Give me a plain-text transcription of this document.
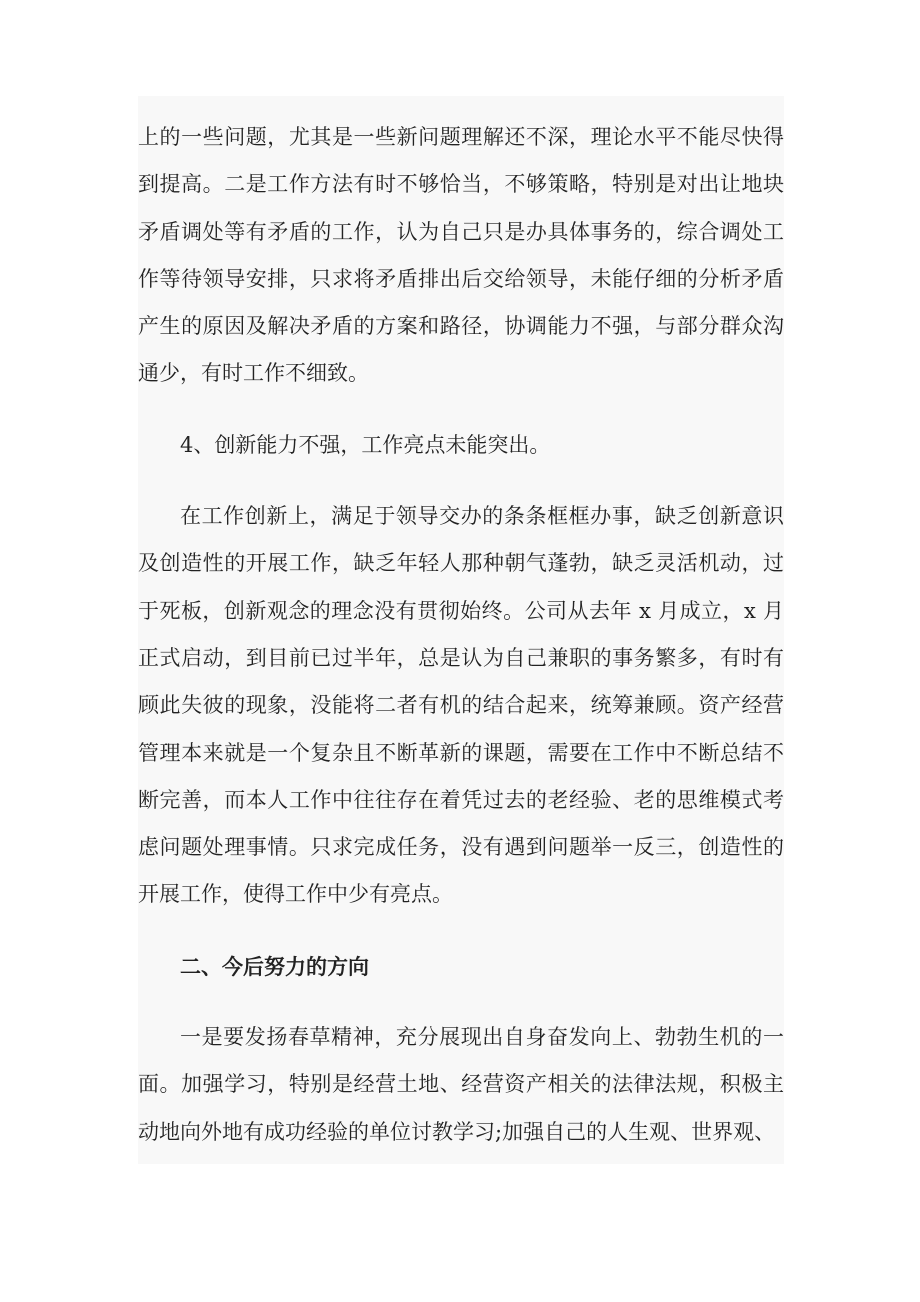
上的一些问题，尤其是一些新问题理解还不深，理论水平不能尽快得到提高。二是工作方法有时不够恰当，不够策略，特别是对出让地块矛盾调处等有矛盾的工作，认为自己只是办具体事务的，综合调处工作等待领导安排，只求将矛盾排出后交给领导，未能仔细的分析矛盾产生的原因及解决矛盾的方案和路径，协调能力不强，与部分群众沟通少，有时工作不细致。

4、创新能力不强，工作亮点未能突出。

在工作创新上，满足于领导交办的条条框框办事，缺乏创新意识及创造性的开展工作，缺乏年轻人那种朝气蓬勃，缺乏灵活机动，过于死板，创新观念的理念没有贯彻始终。公司从去年 x 月成立，x 月正式启动，到目前已过半年，总是认为自己兼职的事务繁多，有时有顾此失彼的现象，没能将二者有机的结合起来，统筹兼顾。资产经营管理本来就是一个复杂且不断革新的课题，需要在工作中不断总结不断完善，而本人工作中往往存在着凭过去的老经验、老的思维模式考虑问题处理事情。只求完成任务，没有遇到问题举一反三，创造性的开展工作，使得工作中少有亮点。

二、今后努力的方向

一是要发扬春草精神，充分展现出自身奋发向上、勃勃生机的一面。加强学习，特别是经营土地、经营资产相关的法律法规，积极主动地向外地有成功经验的单位讨教学习;加强自己的人生观、世界观、
